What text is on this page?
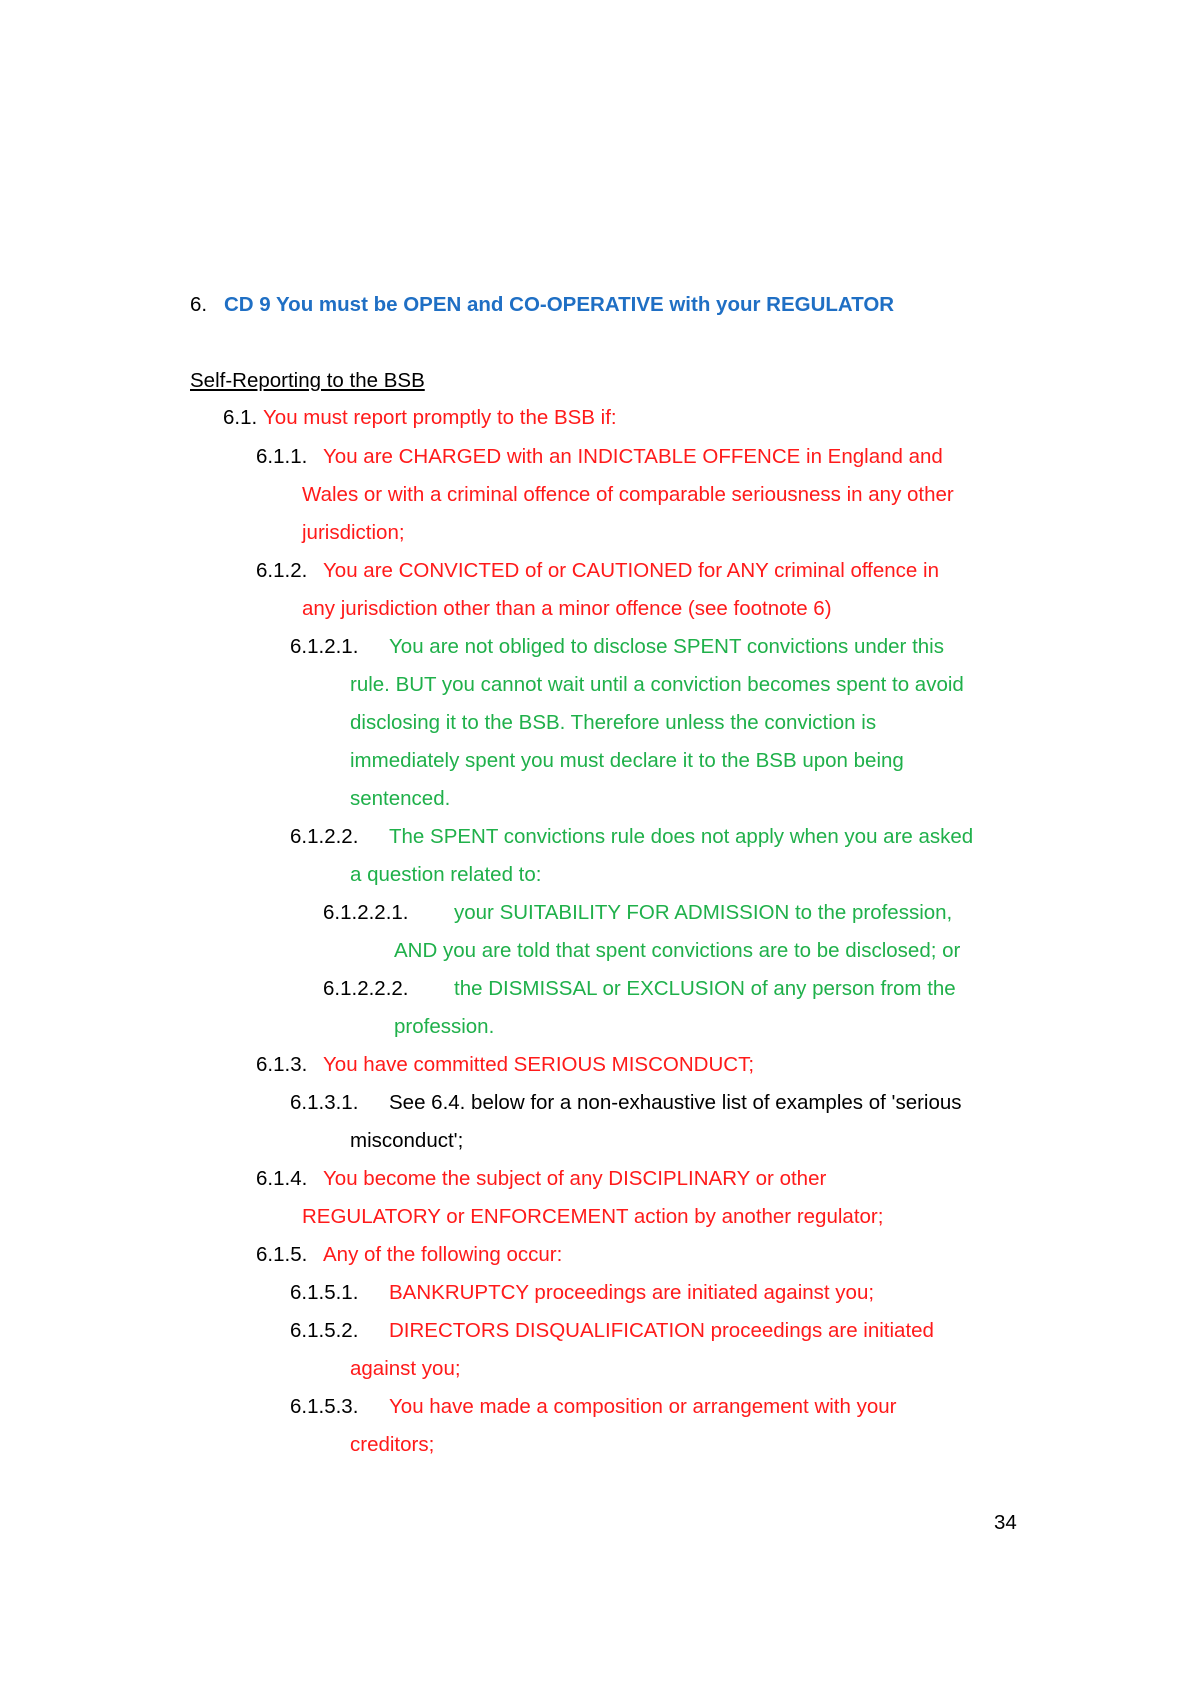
6. CD 9 You must be OPEN and CO-OPERATIVE with your REGULATOR
Self-Reporting to the BSB
6.1. You must report promptly to the BSB if:
6.1.1. You are CHARGED with an INDICTABLE OFFENCE in England and
Wales or with a criminal offence of comparable seriousness in any other
jurisdiction;
6.1.2. You are CONVICTED of or CAUTIONED for ANY criminal offence in
any jurisdiction other than a minor offence (see footnote 6)
6.1.2.1. You are not obliged to disclose SPENT convictions under this
rule. BUT you cannot wait until a conviction becomes spent to avoid
disclosing it to the BSB. Therefore unless the conviction is
immediately spent you must declare it to the BSB upon being
sentenced.
6.1.2.2. The SPENT convictions rule does not apply when you are asked
a question related to:
6.1.2.2.1. your SUITABILITY FOR ADMISSION to the profession,
AND you are told that spent convictions are to be disclosed; or
6.1.2.2.2. the DISMISSAL or EXCLUSION of any person from the
profession.
6.1.3. You have committed SERIOUS MISCONDUCT;
6.1.3.1. See 6.4. below for a non-exhaustive list of examples of 'serious
misconduct';
6.1.4. You become the subject of any DISCIPLINARY or other
REGULATORY or ENFORCEMENT action by another regulator;
6.1.5. Any of the following occur:
6.1.5.1. BANKRUPTCY proceedings are initiated against you;
6.1.5.2. DIRECTORS DISQUALIFICATION proceedings are initiated
against you;
6.1.5.3. You have made a composition or arrangement with your
creditors;
34
